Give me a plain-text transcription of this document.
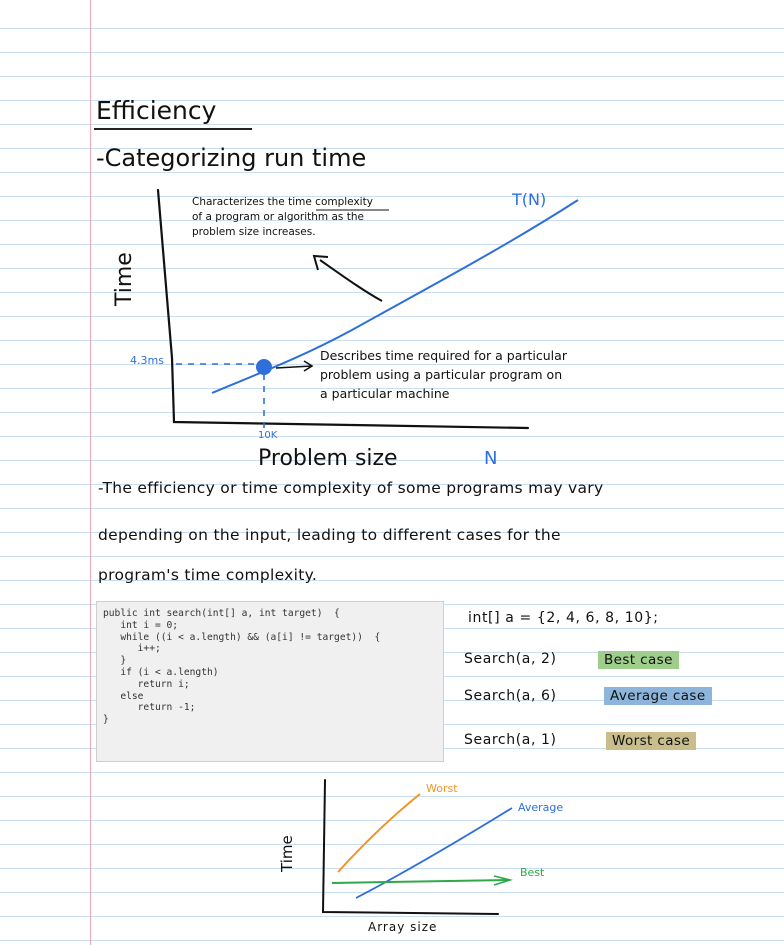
Efficiency
-Categorizing run time
Characterizes the time complexity
of a program or algorithm as the
problem size increases.
T(N)
Describes time required for a particular
problem using a particular program on
a particular machine
4.3ms
10K
Time
Problem size	N
-The efficiency or time complexity of some programs may vary
depending on the input, leading to different cases for the
program's time complexity.
public int search(int[] a, int target)  {
int i = 0;
while ((i < a.length) && (a[i] != target))  {
i++;
}
if (i < a.length)
return i;
else
return -1;
}
int[] a = {2, 4, 6, 8, 10};
Search(a, 2)	Best case
Search(a, 6)	Average case
Search(a, 1)	Worst case
Worst
Average
Best
Time
Array size
